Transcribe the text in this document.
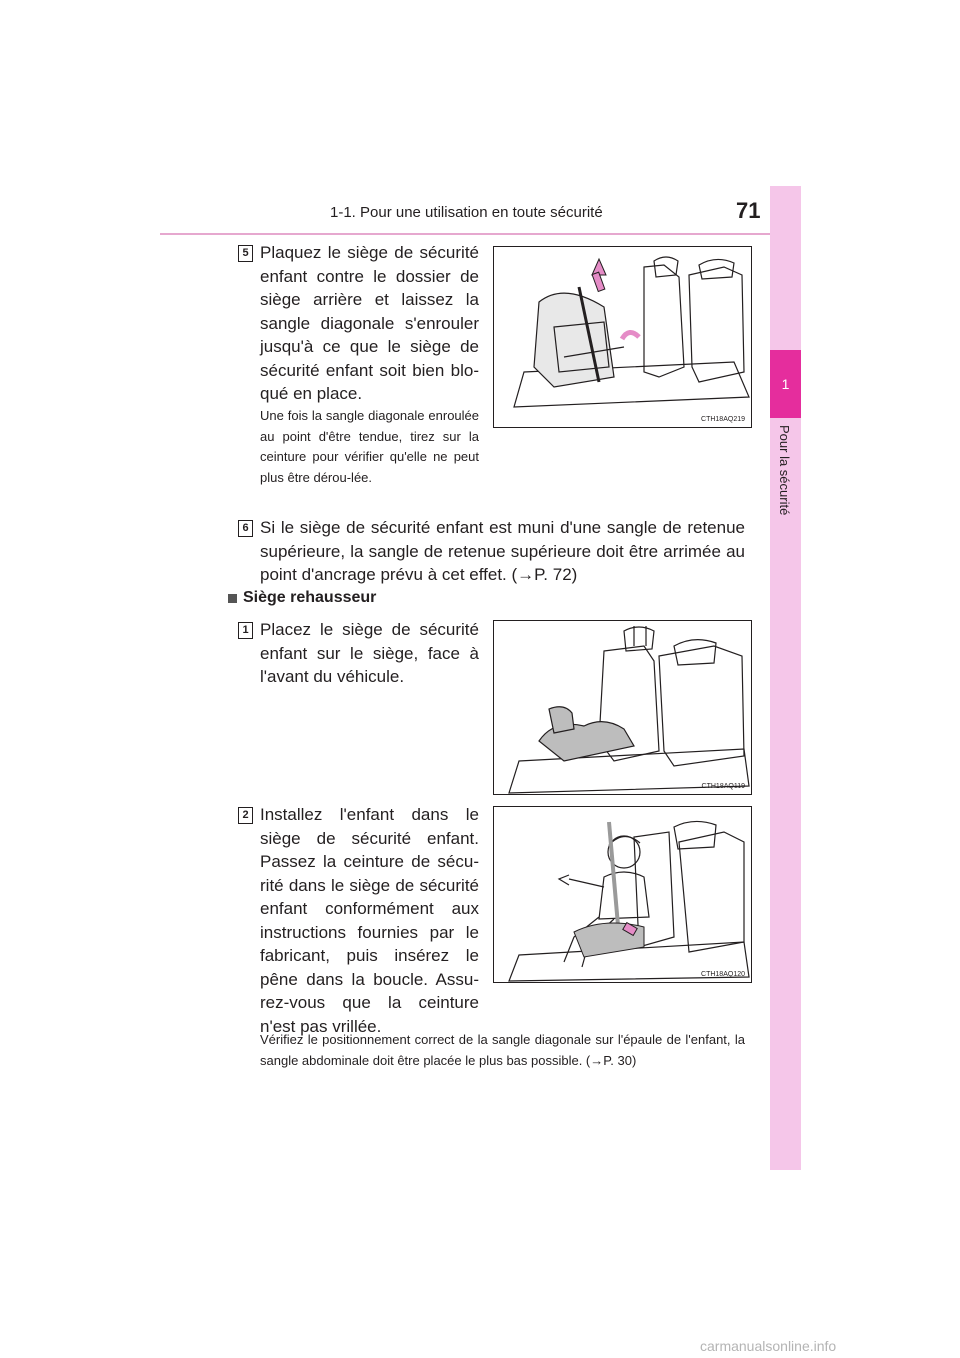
1-1. Pour une utilisation en toute sécurité	71
1
Pour la sécurité
5 Plaquez le siège de sécurité enfant contre le dossier de siège arrière et laissez la sangle diagonale s'enrouler jusqu'à ce que le siège de sécurité enfant soit bien blo-qué en place.
Une fois la sangle diagonale enroulée au point d'être tendue, tirez sur la ceinture pour vérifier qu'elle ne peut plus être dérou-lée.
CTH18AQ219
6 Si le siège de sécurité enfant est muni d'une sangle de retenue supérieure, la sangle de retenue supérieure doit être arrimée au point d'ancrage prévu à cet effet. (→P. 72)
Siège rehausseur
1 Placez le siège de sécurité enfant sur le siège, face à l'avant du véhicule.
CTH18AQ119
2 Installez l'enfant dans le siège de sécurité enfant. Passez la ceinture de sécu-rité dans le siège de sécurité enfant conformément aux instructions fournies par le fabricant, puis insérez le pêne dans la boucle. Assu-rez-vous que la ceinture n'est pas vrillée.
CTH18AQ120
Vérifiez le positionnement correct de la sangle diagonale sur l'épaule de l'enfant, la sangle abdominale doit être placée le plus bas possible. (→P. 30)
carmanualsonline.info
